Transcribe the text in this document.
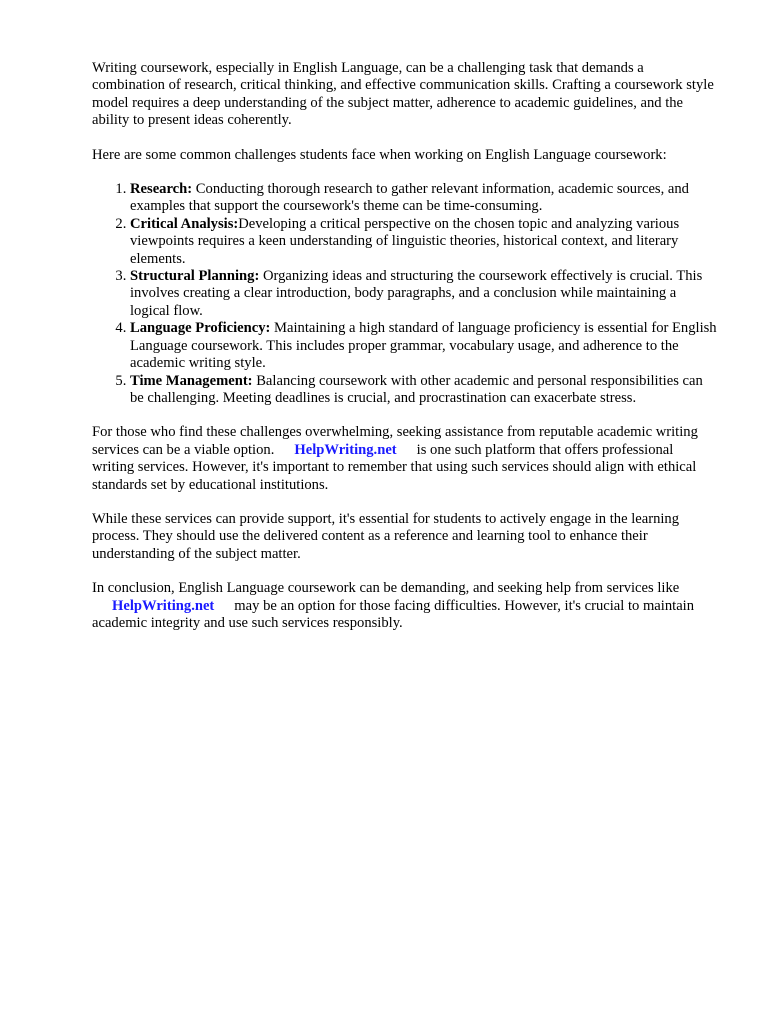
Writing coursework, especially in English Language, can be a challenging task that demands a combination of research, critical thinking, and effective communication skills. Crafting a coursework style model requires a deep understanding of the subject matter, adherence to academic guidelines, and the ability to present ideas coherently.

Here are some common challenges students face when working on English Language coursework:

1. Research: Conducting thorough research to gather relevant information, academic sources, and examples that support the coursework's theme can be time-consuming.
2. Critical Analysis:Developing a critical perspective on the chosen topic and analyzing various viewpoints requires a keen understanding of linguistic theories, historical context, and literary elements.
3. Structural Planning: Organizing ideas and structuring the coursework effectively is crucial. This involves creating a clear introduction, body paragraphs, and a conclusion while maintaining a logical flow.
4. Language Proficiency: Maintaining a high standard of language proficiency is essential for English Language coursework. This includes proper grammar, vocabulary usage, and adherence to the academic writing style.
5. Time Management: Balancing coursework with other academic and personal responsibilities can be challenging. Meeting deadlines is crucial, and procrastination can exacerbate stress.

For those who find these challenges overwhelming, seeking assistance from reputable academic writing services can be a viable option. HelpWriting.net is one such platform that offers professional writing services. However, it's important to remember that using such services should align with ethical standards set by educational institutions.

While these services can provide support, it's essential for students to actively engage in the learning process. They should use the delivered content as a reference and learning tool to enhance their understanding of the subject matter.

In conclusion, English Language coursework can be demanding, and seeking help from services like HelpWriting.net may be an option for those facing difficulties. However, it's crucial to maintain academic integrity and use such services responsibly.
